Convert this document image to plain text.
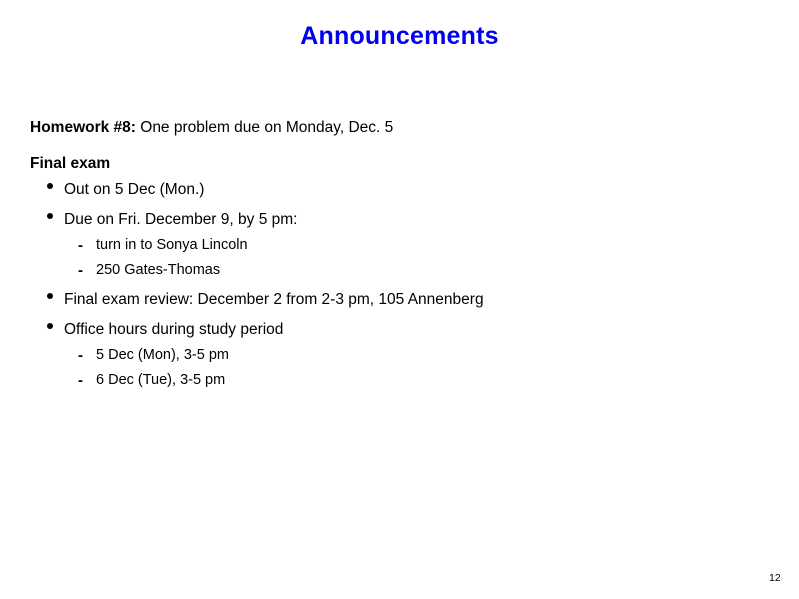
Announcements
Homework #8: One problem due on Monday, Dec. 5
Final exam
Out on 5 Dec (Mon.)
Due on Fri. December 9, by 5 pm:
- turn in to Sonya Lincoln
- 250 Gates-Thomas
Final exam review: December 2 from 2-3 pm, 105 Annenberg
Office hours during study period
- 5 Dec (Mon), 3-5 pm
- 6 Dec (Tue), 3-5 pm
12
